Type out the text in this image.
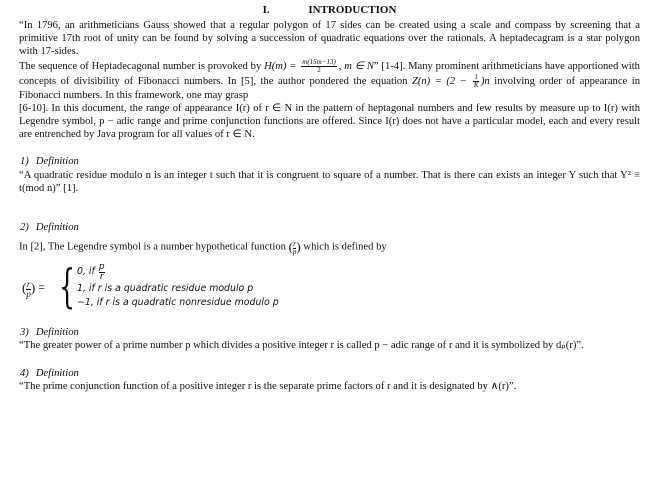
I.	INTRODUCTION

“In 1796, an arithmeticians Gauss showed that a regular polygon of 17 sides can be created using a scale and compass by screening that a primitive 17th root of unity can be found by solving a succession of quadratic equations over the rationals. A heptadecagram is a star polygon with 17-sides.

The sequence of Heptadecagonal number is provoked by $H(m) = \frac{m(15m-13)}{2}$ , m ∈ N” [1-4]. Many prominent arithmeticians have apportioned with concepts of divisibility of Fibonacci numbers. In [5], the author pondered the equation $Z(n) = (2 - \frac{1}{K} )n$ involving order of appearance in Fibonacci numbers. In this framework, one may grasp

[6-10]. In this document, the range of appearance I(r) of r ∈ N in the pattern of heptagonal numbers and few results by measure up to I(r) with Legendre symbol, p − adic range and prime conjunction functions are offered. Since I(r) does not have a particular model, each and every result are entrenched by Java program for all values of r ∈ N.

1) Definition

“A quadratic residue modulo n is an integer t such that it is congruent to square of a number. That is there can exists an integer Y such that Y² ≡ t(mod n)” [1].

2) Definition

In [2], The Legendre symbol is a number hypothetical function ( $\frac{r}{p}$ ) which is defined by

( $\frac{r}{p}$ ) = { 0, if $\frac{p}{r}$
1, if r is a quadratic residue modulo p
−1, if r is a quadratic nonresidue modulo p
3) Definition

“The greater power of a prime number p which divides a positive integer r is called p − adic range of r and it is symbolized by dₚ(r)”.

4) Definition

“The prime conjunction function of a positive integer r is the separate prime factors of r and it is designated by ∧(r)”.
